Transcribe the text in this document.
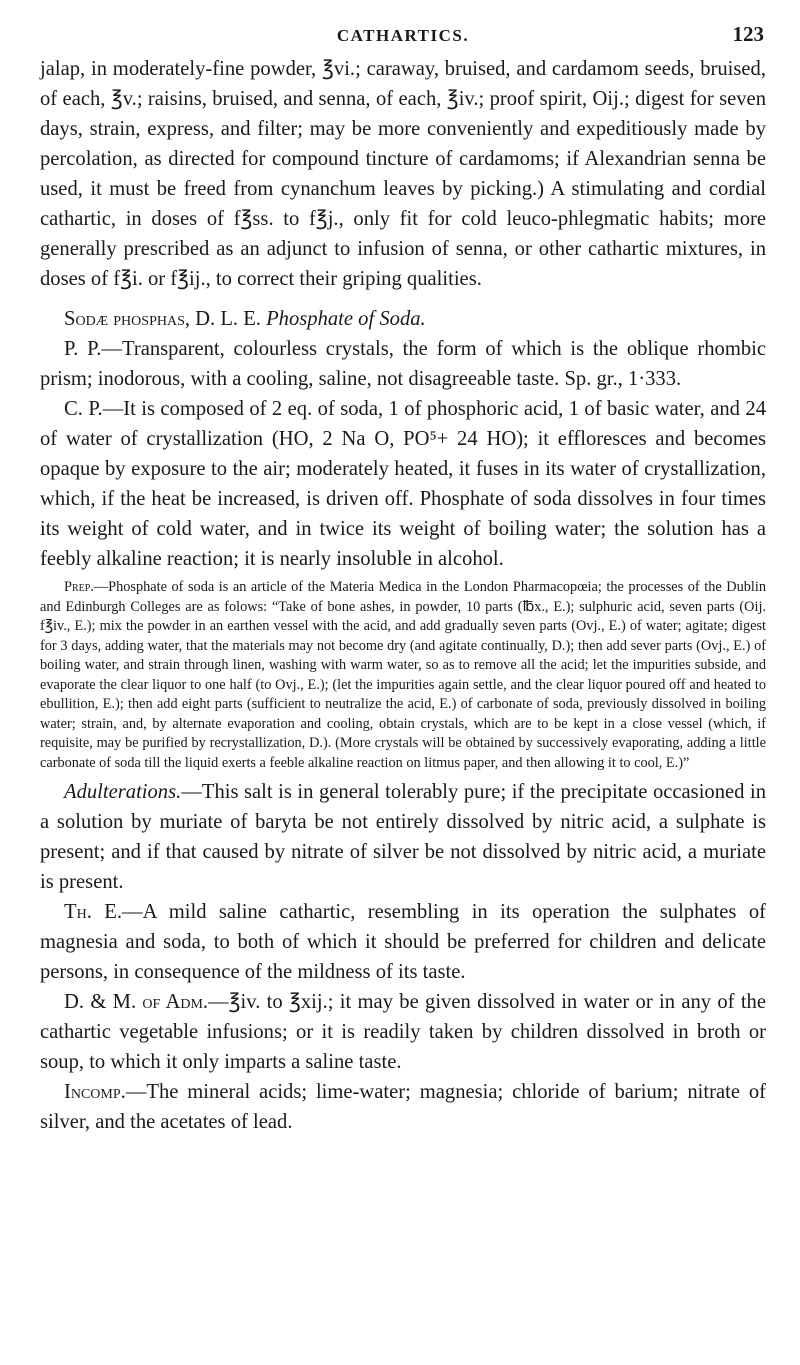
CATHARTICS.	123

jalap, in moderately-fine powder, ℥vi.; caraway, bruised, and cardamom seeds, bruised, of each, ℥v.; raisins, bruised, and senna, of each, ℥iv.; proof spirit, Oij.; digest for seven days, strain, express, and filter; may be more conveniently and expeditiously made by percolation, as directed for compound tincture of cardamoms; if Alexandrian senna be used, it must be freed from cynanchum leaves by picking.) A stimulating and cordial cathartic, in doses of f℥ss. to f℥j., only fit for cold leuco-phlegmatic habits; more generally prescribed as an adjunct to infusion of senna, or other cathartic mixtures, in doses of f℥i. or f℥ij., to correct their griping qualities.

Sodæ phosphas, D. L. E. Phosphate of Soda.

P. P.—Transparent, colourless crystals, the form of which is the oblique rhombic prism; inodorous, with a cooling, saline, not disagreeable taste. Sp. gr., 1·333.

C. P.—It is composed of 2 eq. of soda, 1 of phosphoric acid, 1 of basic water, and 24 of water of crystallization (HO, 2 Na O, PO⁵+ 24 HO); it effloresces and becomes opaque by exposure to the air; moderately heated, it fuses in its water of crystallization, which, if the heat be increased, is driven off. Phosphate of soda dissolves in four times its weight of cold water, and in twice its weight of boiling water; the solution has a feebly alkaline reaction; it is nearly insoluble in alcohol.

Prep.—Phosphate of soda is an article of the Materia Medica in the London Pharmacopœia; the processes of the Dublin and Edinburgh Colleges are as folows: “Take of bone ashes, in powder, 10 parts (℔x., E.); sulphuric acid, seven parts (Oij. f℥iv., E.); mix the powder in an earthen vessel with the acid, and add gradually seven parts (Ovj., E.) of water; agitate; digest for 3 days, adding water, that the materials may not become dry (and agitate continually, D.); then add sever parts (Ovj., E.) of boiling water, and strain through linen, washing with warm water, so as to remove all the acid; let the impurities subside, and evaporate the clear liquor to one half (to Ovj., E.); (let the impurities again settle, and the clear liquor poured off and heated to ebullition, E.); then add eight parts (sufficient to neutralize the acid, E.) of carbonate of soda, previously dissolved in boiling water; strain, and, by alternate evaporation and cooling, obtain crystals, which are to be kept in a close vessel (which, if requisite, may be purified by recrystallization, D.). (More crystals will be obtained by successively evaporating, adding a little carbonate of soda till the liquid exerts a feeble alkaline reaction on litmus paper, and then allowing it to cool, E.)”

Adulterations.—This salt is in general tolerably pure; if the precipitate occasioned in a solution by muriate of baryta be not entirely dissolved by nitric acid, a sulphate is present; and if that caused by nitrate of silver be not dissolved by nitric acid, a muriate is present.

Th. E.—A mild saline cathartic, resembling in its operation the sulphates of magnesia and soda, to both of which it should be preferred for children and delicate persons, in consequence of the mildness of its taste.

D. & M. of Adm.—℥iv. to ℥xij.; it may be given dissolved in water or in any of the cathartic vegetable infusions; or it is readily taken by children dissolved in broth or soup, to which it only imparts a saline taste.

Incomp.—The mineral acids; lime-water; magnesia; chloride of barium; nitrate of silver, and the acetates of lead.
